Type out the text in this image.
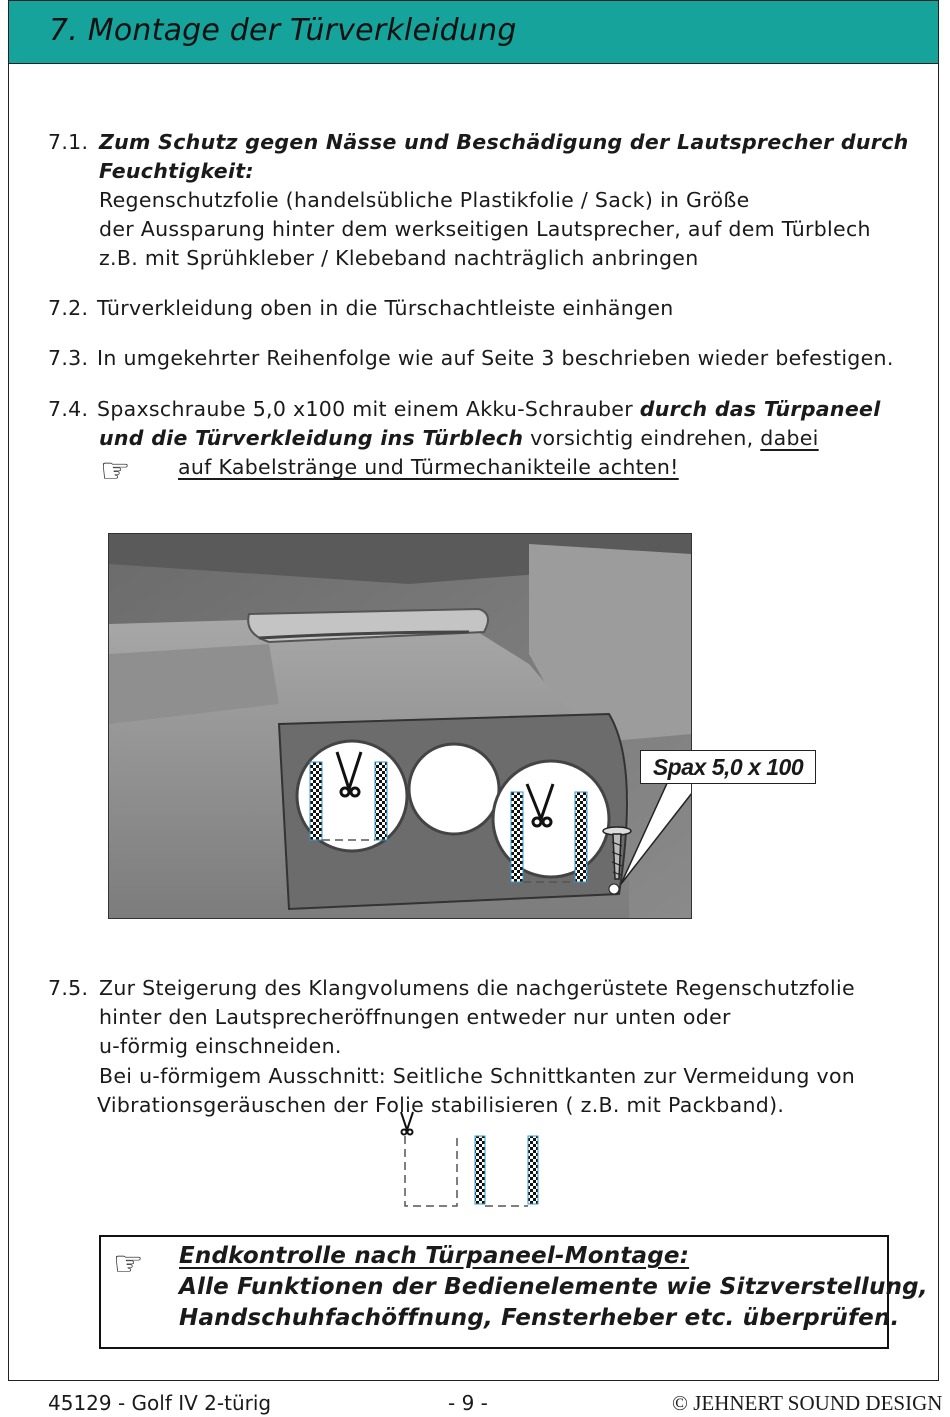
7. Montage der Türverkleidung
7.1. Zum Schutz gegen Nässe und Beschädigung der Lautsprecher durch
Feuchtigkeit:
Regenschutzfolie (handelsübliche Plastikfolie / Sack) in Größe
der Aussparung hinter dem werkseitigen Lautsprecher, auf dem Türblech
z.B. mit Sprühkleber / Klebeband nachträglich anbringen
7.2. Türverkleidung oben in die Türschachtleiste einhängen
7.3. In umgekehrter Reihenfolge wie auf Seite 3 beschrieben wieder befestigen.
7.4. Spaxschraube 5,0 x100 mit einem Akku-Schrauber durch das Türpaneel
und die Türverkleidung ins Türblech vorsichtig eindrehen, dabei
☞ auf Kabelstränge und Türmechanikteile achten!
Spax 5,0 x 100
7.5. Zur Steigerung des Klangvolumens die nachgerüstete Regenschutzfolie
hinter den Lautsprecheröffnungen entweder nur unten oder
u-förmig einschneiden.
Bei u-förmigem Ausschnitt: Seitliche Schnittkanten zur Vermeidung von
Vibrationsgeräuschen der Folie stabilisieren ( z.B. mit Packband).
☞ Endkontrolle nach Türpaneel-Montage:
Alle Funktionen der Bedienelemente wie Sitzverstellung,
Handschuhfachöffnung, Fensterheber etc. überprüfen.
45129 - Golf IV 2-türig	- 9 -	© JEHNERT SOUND DESIGN
